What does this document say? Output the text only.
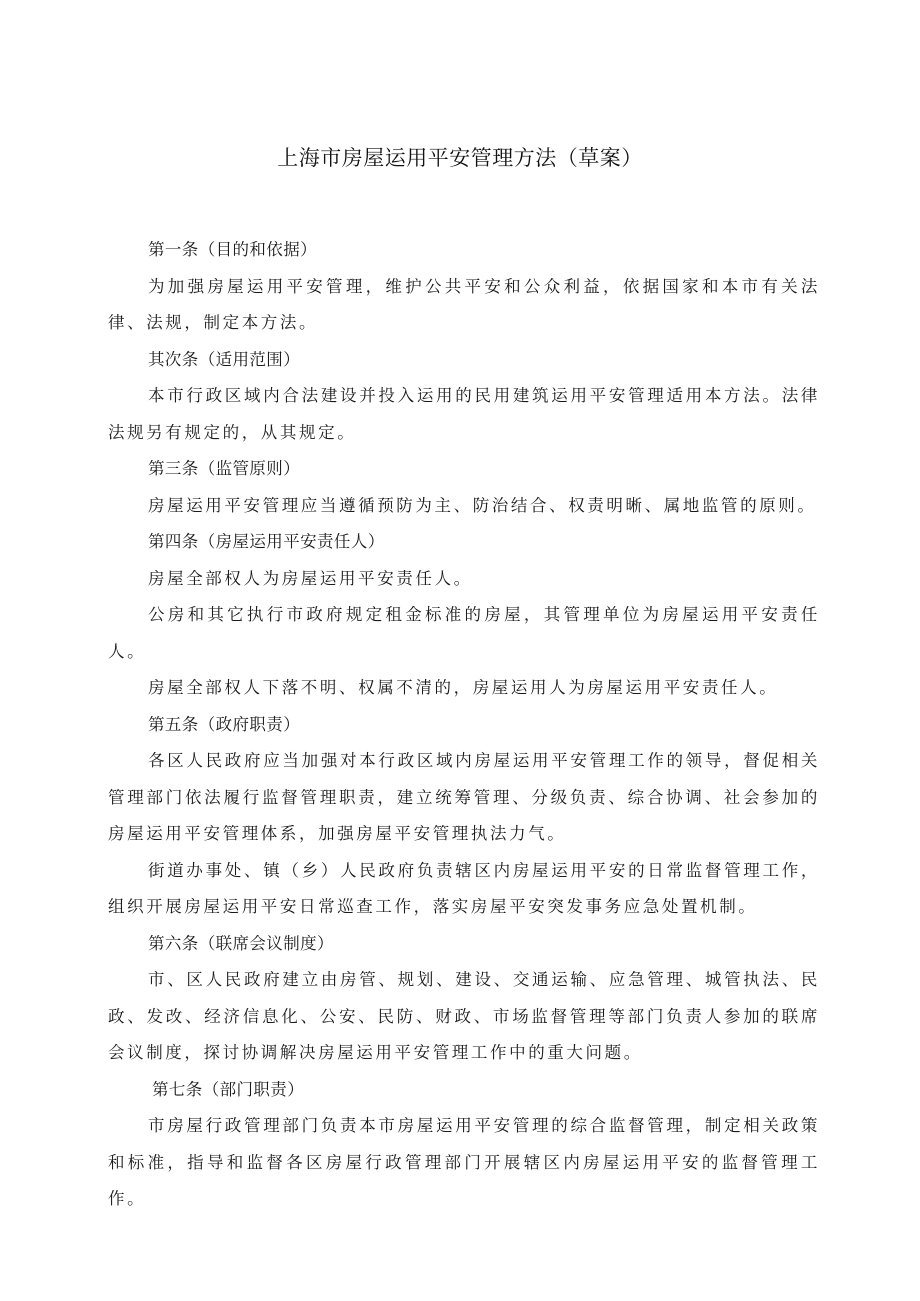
上海市房屋运用平安管理方法（草案）

第一条（目的和依据）

为加强房屋运用平安管理，维护公共平安和公众利益，依据国家和本市有关法律、法规，制定本方法。

其次条（适用范围）

本市行政区域内合法建设并投入运用的民用建筑运用平安管理适用本方法。法律法规另有规定的，从其规定。

第三条（监管原则）

房屋运用平安管理应当遵循预防为主、防治结合、权责明晰、属地监管的原则。

第四条（房屋运用平安责任人）

房屋全部权人为房屋运用平安责任人。

公房和其它执行市政府规定租金标准的房屋，其管理单位为房屋运用平安责任人。

房屋全部权人下落不明、权属不清的，房屋运用人为房屋运用平安责任人。

第五条（政府职责）

各区人民政府应当加强对本行政区域内房屋运用平安管理工作的领导，督促相关管理部门依法履行监督管理职责，建立统筹管理、分级负责、综合协调、社会参加的房屋运用平安管理体系，加强房屋平安管理执法力气。

街道办事处、镇（乡）人民政府负责辖区内房屋运用平安的日常监督管理工作，组织开展房屋运用平安日常巡查工作，落实房屋平安突发事务应急处置机制。

第六条（联席会议制度）

市、区人民政府建立由房管、规划、建设、交通运输、应急管理、城管执法、民政、发改、经济信息化、公安、民防、财政、市场监督管理等部门负责人参加的联席会议制度，探讨协调解决房屋运用平安管理工作中的重大问题。

第七条（部门职责）

市房屋行政管理部门负责本市房屋运用平安管理的综合监督管理，制定相关政策和标准，指导和监督各区房屋行政管理部门开展辖区内房屋运用平安的监督管理工作。
